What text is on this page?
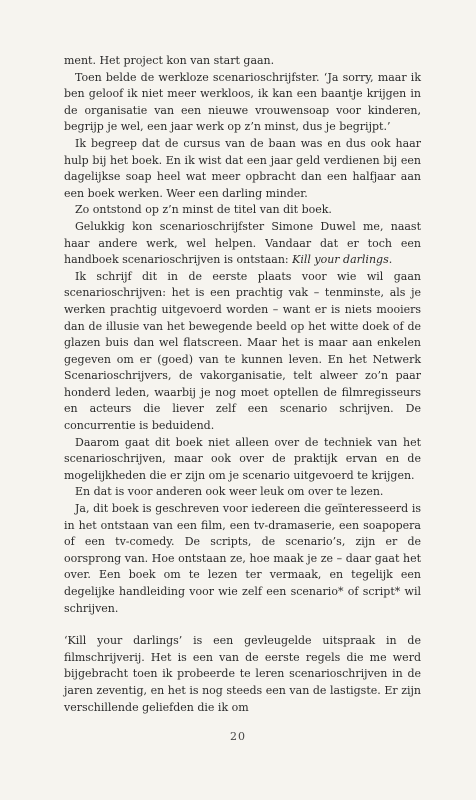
ment. Het project kon van start gaan.

Toen belde de werkloze scenarioschrijfster. ‘Ja sorry, maar ik ben geloof ik niet meer werkloos, ik kan een baantje krijgen in de organisatie van een nieuwe vrouwensoap voor kinderen, begrijp je wel, een jaar werk op z’n minst, dus je begrijpt.’

Ik begreep dat de cursus van de baan was en dus ook haar hulp bij het boek. En ik wist dat een jaar geld verdienen bij een dagelijkse soap heel wat meer opbracht dan een halfjaar aan een boek werken. Weer een darling minder.

Zo ontstond op z’n minst de titel van dit boek.

Gelukkig kon scenarioschrijfster Simone Duwel me, naast haar andere werk, wel helpen. Vandaar dat er toch een handboek scenarioschrijven is ontstaan: Kill your darlings.

Ik schrijf dit in de eerste plaats voor wie wil gaan scenarioschrijven: het is een prachtig vak – tenminste, als je werken prachtig uitgevoerd worden – want er is niets mooiers dan de illusie van het bewegende beeld op het witte doek of de glazen buis dan wel flatscreen. Maar het is maar aan enkelen gegeven om er (goed) van te kunnen leven. En het Netwerk Scenarioschrijvers, de vakorganisatie, telt alweer zo’n paar honderd leden, waarbij je nog moet optellen de filmregisseurs en acteurs die liever zelf een scenario schrijven. De concurrentie is beduidend.

Daarom gaat dit boek niet alleen over de techniek van het scenarioschrijven, maar ook over de praktijk ervan en de mogelijkheden die er zijn om je scenario uitgevoerd te krijgen.

En dat is voor anderen ook weer leuk om over te lezen.

Ja, dit boek is geschreven voor iedereen die geïnteresseerd is in het ontstaan van een film, een tv-dramaserie, een soapopera of een tv-comedy. De scripts, de scenario’s, zijn er de oorsprong van. Hoe ontstaan ze, hoe maak je ze – daar gaat het over. Een boek om te lezen ter vermaak, en tegelijk een degelijke handleiding voor wie zelf een scenario* of script* wil schrijven.

‘Kill your darlings’ is een gevleugelde uitspraak in de filmschrijverij. Het is een van de eerste regels die me werd bijgebracht toen ik probeerde te leren scenarioschrijven in de jaren zeventig, en het is nog steeds een van de lastigste. Er zijn verschillende geliefden die ik om

20
